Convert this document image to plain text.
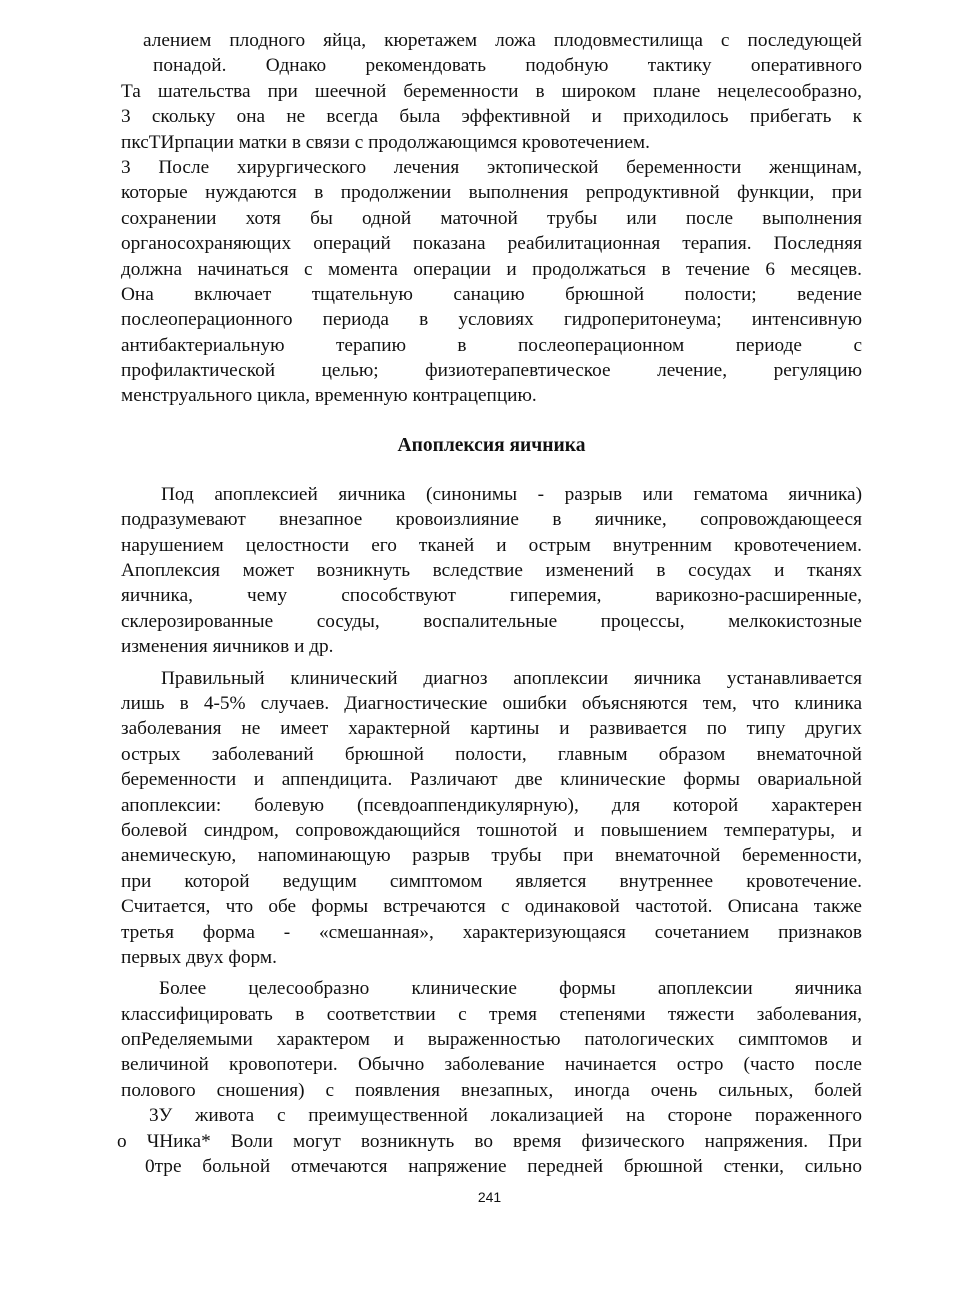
алением плодного яйца, кюретажем ложа плодовместилища с последующей
понадой. Однако рекомендовать подобную тактику оперативного
Та шательства при шеечной беременности в широком плане нецелесообразно,
3 скольку она не всегда была эффективной и приходилось прибегать к
пксТИрпации матки в связи с продолжающимся кровотечением.
3 После хирургического лечения эктопической беременности женщинам,
которые нуждаются в продолжении выполнения репродуктивной функции, при
сохранении хотя бы одной маточной трубы или после выполнения
органосохраняющих операций показана реабилитационная терапия. Последняя
должна начинаться с момента операции и продолжаться в течение 6 месяцев.
Она включает тщательную санацию брюшной полости; ведение
послеоперационного периода в условиях гидроперитонеума; интенсивную
антибактериальную терапию в послеоперационном периоде с
профилактической целью; физиотерапевтическое лечение, регуляцию
менструального цикла, временную контрацепцию.
Апоплексия яичника
Под апоплексией яичника (синонимы - разрыв или гематома яичника)
подразумевают внезапное кровоизлияние в яичнике, сопровождающееся
нарушением целостности его тканей и острым внутренним кровотечением.
Апоплексия может возникнуть вследствие изменений в сосудах и тканях
яичника, чему способствуют гиперемия, варикозно-расширенные,
склерозированные сосуды, воспалительные процессы, мелкокистозные
изменения яичников и др.
Правильный клинический диагноз апоплексии яичника устанавливается
лишь в 4-5% случаев. Диагностические ошибки объясняются тем, что клиника
заболевания не имеет характерной картины и развивается по типу других
острых заболеваний брюшной полости, главным образом внематочной
беременности и аппендицита. Различают две клинические формы овариальной
апоплексии: болевую (псевдоаппендикулярную), для которой характерен
болевой синдром, сопровождающийся тошнотой и повышением температуры, и
анемическую, напоминающую разрыв трубы при внематочной беременности,
при которой ведущим симптомом является внутреннее кровотечение.
Считается, что обе формы встречаются с одинаковой частотой. Описана также
третья форма - «смешанная», характеризующаяся сочетанием признаков
первых двух форм.
Более целесообразно клинические формы апоплексии яичника
классифицировать в соответствии с тремя степенями тяжести заболевания,
опРеделяемыми характером и выраженностью патологических симптомов и
величиной кровопотери. Обычно заболевание начинается остро (часто после
полового сношения) с появления внезапных, иногда очень сильных, болей
3У живота с преимущественной локализацией на стороне пораженного
о ЧНика* Воли могут возникнуть во время физического напряжения. При
0тре больной отмечаются напряжение передней брюшной стенки, сильно
241
